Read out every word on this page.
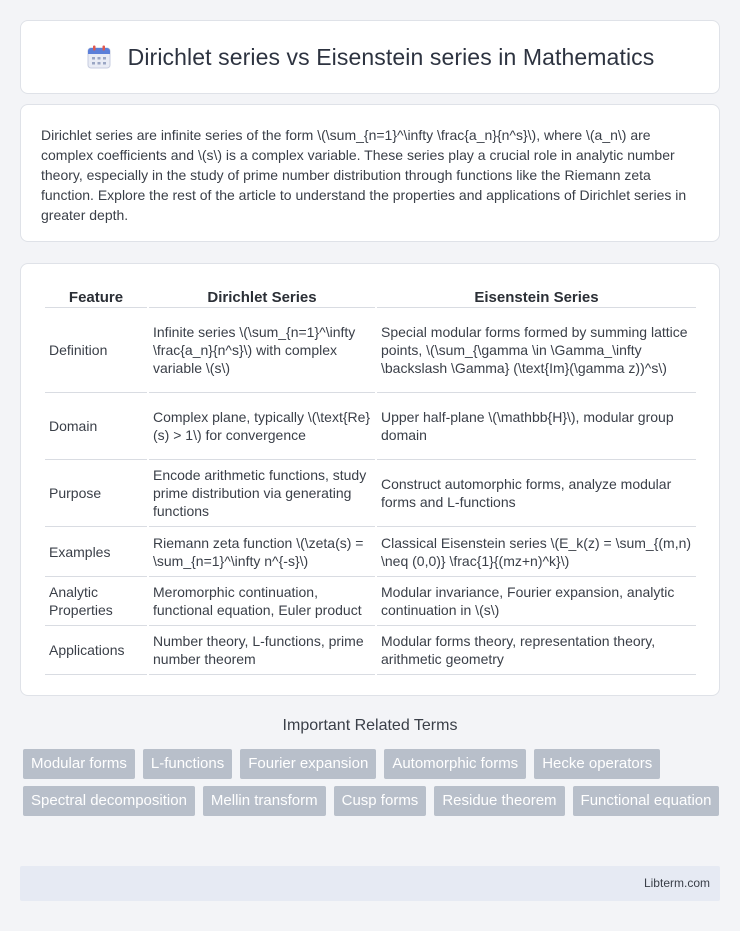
Dirichlet series vs Eisenstein series in Mathematics

Dirichlet series are infinite series of the form \(\sum_{n=1}^\infty \frac{a_n}{n^s}\), where \(a_n\) are complex coefficients and \(s\) is a complex variable. These series play a crucial role in analytic number theory, especially in the study of prime number distribution through functions like the Riemann zeta function. Explore the rest of the article to understand the properties and applications of Dirichlet series in greater depth.

Feature	Dirichlet Series	Eisenstein Series
Definition	Infinite series \(\sum_{n=1}^\infty \frac{a_n}{n^s}\) with complex variable \(s\)	Special modular forms formed by summing lattice points, \(\sum_{\gamma \in \Gamma_\infty \backslash \Gamma} (\text{Im}(\gamma z))^s\)
Domain	Complex plane, typically \(\text{Re}(s) > 1\) for convergence	Upper half-plane \(\mathbb{H}\), modular group domain
Purpose	Encode arithmetic functions, study prime distribution via generating functions	Construct automorphic forms, analyze modular forms and L-functions
Examples	Riemann zeta function \(\zeta(s) = \sum_{n=1}^\infty n^{-s}\)	Classical Eisenstein series \(E_k(z) = \sum_{(m,n) \neq (0,0)} \frac{1}{(mz+n)^k}\)
Analytic Properties	Meromorphic continuation, functional equation, Euler product	Modular invariance, Fourier expansion, analytic continuation in \(s\)
Applications	Number theory, L-functions, prime number theorem	Modular forms theory, representation theory, arithmetic geometry
Important Related Terms
Modular forms	L-functions	Fourier expansion	Automorphic forms	Hecke operators
Spectral decomposition	Mellin transform	Cusp forms	Residue theorem	Functional equation
Libterm.com
